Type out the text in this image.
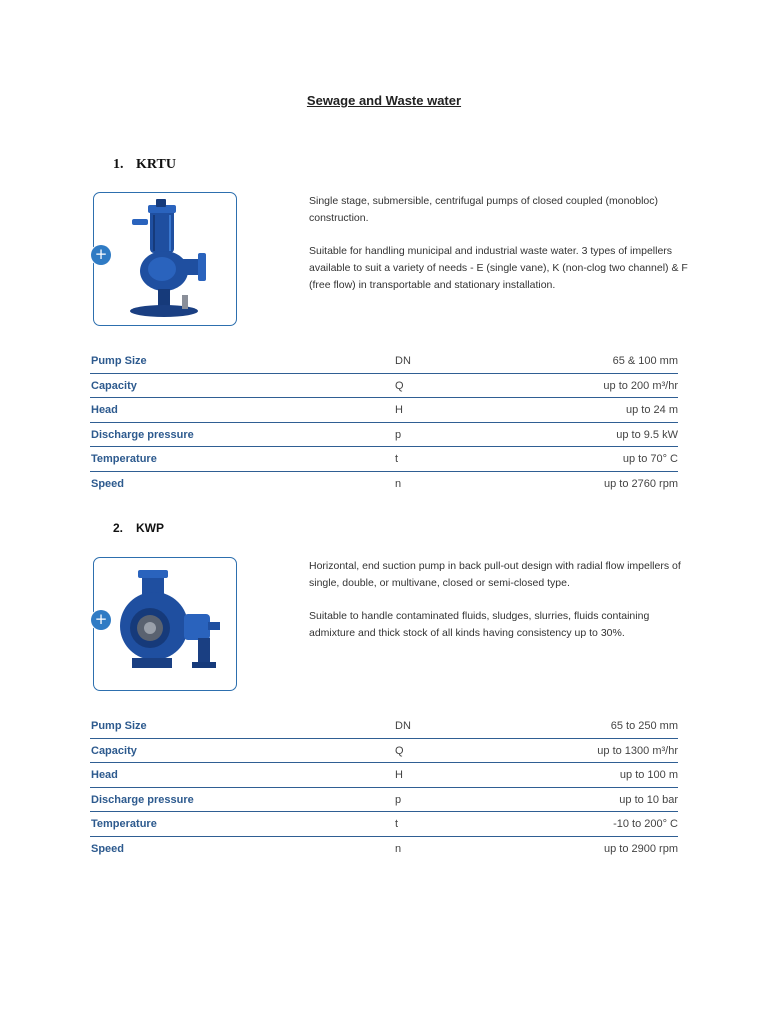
Sewage and Waste water
1. KRTU
+

Single stage, submersible, centrifugal pumps of closed coupled (monobloc) construction.

Suitable for handling municipal and industrial waste water. 3 types of impellers available to suit a variety of needs - E (single vane), K (non-clog two channel) & F (free flow) in transportable and stationary installation.

Pump Size	DN	65 & 100 mm
Capacity	Q	up to 200 m³/hr
Head	H	up to 24 m
Discharge pressure	p	up to 9.5 kW
Temperature	t	up to 70° C
Speed	n	up to 2760 rpm
2. KWP
+

Horizontal, end suction pump in back pull-out design with radial flow impellers of single, double, or multivane, closed or semi-closed type.

Suitable to handle contaminated fluids, sludges, slurries, fluids containing admixture and thick stock of all kinds having consistency up to 30%.

Pump Size	DN	65 to 250 mm
Capacity	Q	up to 1300 m³/hr
Head	H	up to 100 m
Discharge pressure	p	up to 10 bar
Temperature	t	-10 to 200° C
Speed	n	up to 2900 rpm
